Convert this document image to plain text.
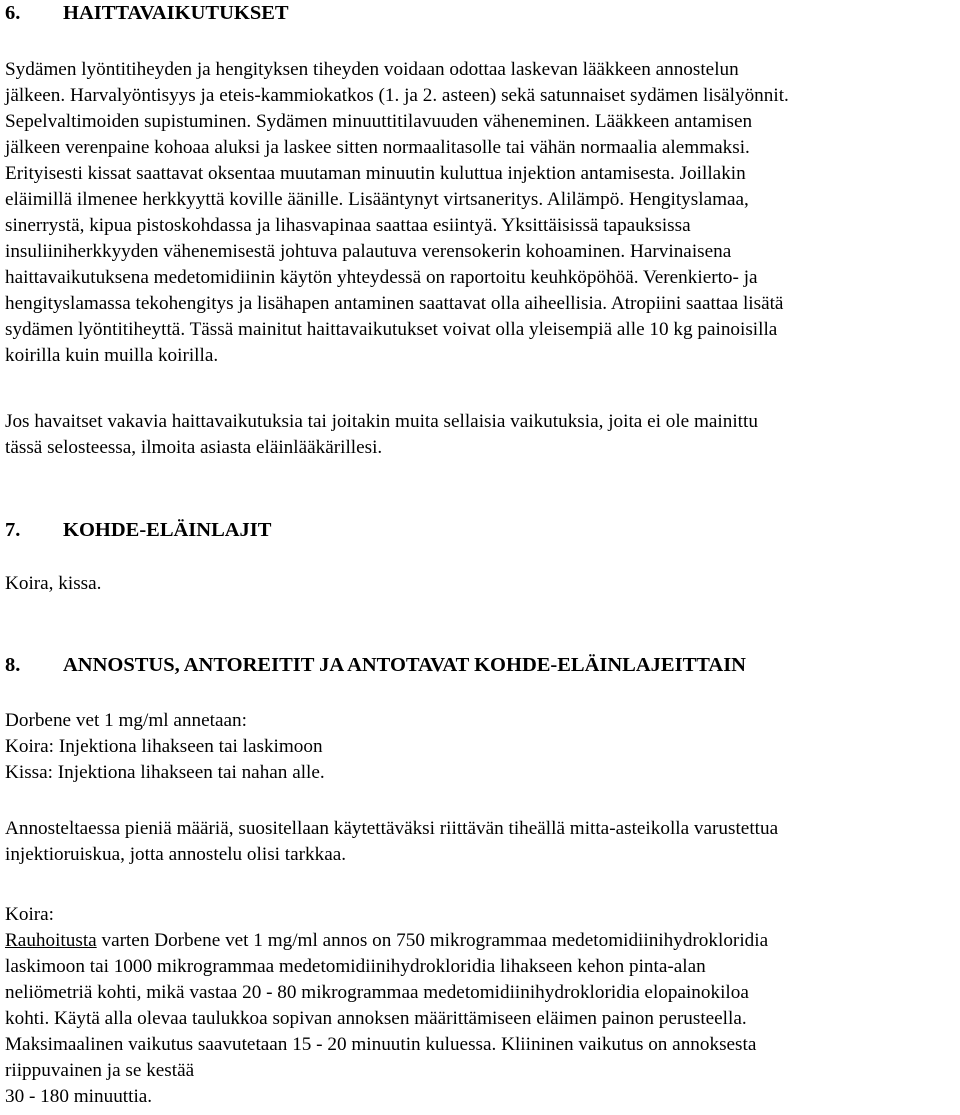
6. HAITTAVAIKUTUKSET
Sydämen lyöntitiheyden ja hengityksen tiheyden voidaan odottaa laskevan lääkkeen annostelun
jälkeen. Harvalyöntisyys ja eteis-kammiokatkos (1. ja 2. asteen) sekä satunnaiset sydämen lisälyönnit.
Sepelvaltimoiden supistuminen. Sydämen minuuttitilavuuden väheneminen. Lääkkeen antamisen
jälkeen verenpaine kohoaa aluksi ja laskee sitten normaalitasolle tai vähän normaalia alemmaksi.
Erityisesti kissat saattavat oksentaa muutaman minuutin kuluttua injektion antamisesta. Joillakin
eläimillä ilmenee herkkyyttä koville äänille. Lisääntynyt virtsaneritys. Alilämpö. Hengityslamaa,
sinerrystä, kipua pistoskohdassa ja lihasvapinaa saattaa esiintyä. Yksittäisissä tapauksissa
insuliiniherkkyyden vähenemisestä johtuva palautuva verensokerin kohoaminen. Harvinaisena
haittavaikutuksena medetomidiinin käytön yhteydessä on raportoitu keuhköpöhöä. Verenkierto- ja
hengityslamassa tekohengitys ja lisähapen antaminen saattavat olla aiheellisia. Atropiini saattaa lisätä
sydämen lyöntitiheyttä. Tässä mainitut haittavaikutukset voivat olla yleisempiä alle 10 kg painoisilla
koirilla kuin muilla koirilla.
Jos havaitset vakavia haittavaikutuksia tai joitakin muita sellaisia vaikutuksia, joita ei ole mainittu
tässä selosteessa, ilmoita asiasta eläinlääkärillesi.
7. KOHDE-ELÄINLAJIT
Koira, kissa.
8. ANNOSTUS, ANTOREITIT JA ANTOTAVAT KOHDE-ELÄINLAJEITTAIN
Dorbene vet 1 mg/ml annetaan:
Koira: Injektiona lihakseen tai laskimoon
Kissa: Injektiona lihakseen tai nahan alle.
Annosteltaessa pieniä määriä, suositellaan käytettäväksi riittävän tiheällä mitta-asteikolla varustettua
injektioruiskua, jotta annostelu olisi tarkkaa.
Koira:
Rauhoitusta varten Dorbene vet 1 mg/ml annos on 750 mikrogrammaa medetomidiinihydrokloridia
laskimoon tai 1000 mikrogrammaa medetomidiinihydrokloridia lihakseen kehon pinta-alan
neliömetriä kohti, mikä vastaa 20 - 80 mikrogrammaa medetomidiinihydrokloridia elopainokiloa
kohti. Käytä alla olevaa taulukkoa sopivan annoksen määrittämiseen eläimen painon perusteella.
Maksimaalinen vaikutus saavutetaan 15 - 20 minuutin kuluessa. Kliininen vaikutus on annoksesta
riippuvainen ja se kestää
30 - 180 minuuttia.
